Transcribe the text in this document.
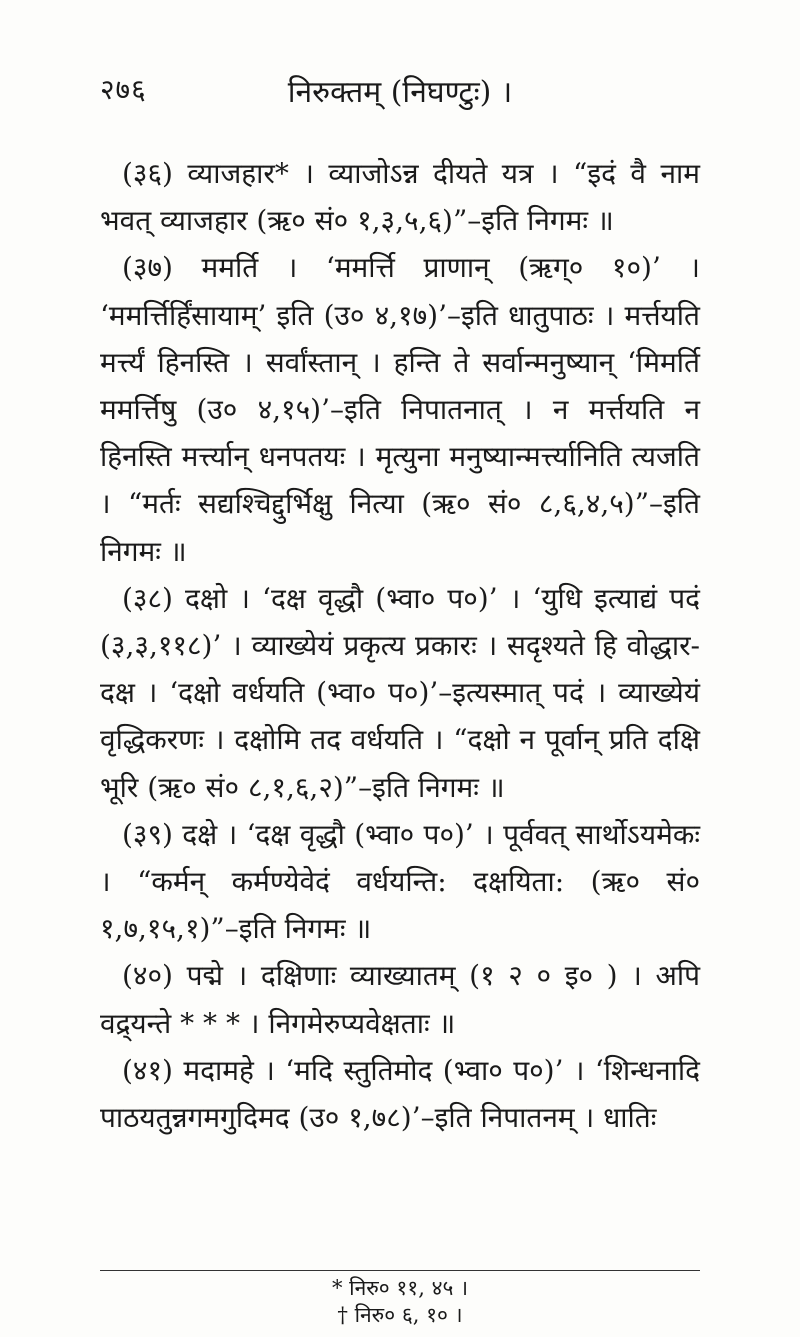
२७६	निरुक्तम् (निघण्टुः) ।

(३६) व्याजहार* । व्याजोऽन्न दीयते यत्र । “इदं वै नाम भवत् व्याजहार (ऋ० सं० १,३,५,६)”–इति निगमः ॥

(३७) ममर्ति । ‘ममर्त्ति प्राणान् (ऋग्० १०)’ । ‘ममर्त्तिर्हिंसायाम्’ इति (उ० ४,१७)’–इति धातुपाठः । मर्त्तयति मर्त्त्यं हिनस्ति । सर्वांस्तान् । हन्ति ते सर्वान्मनुष्यान् ‘मिमर्ति ममर्त्तिषु (उ० ४,१५)’–इति निपातनात् । न मर्त्तयति न हिनस्ति मर्त्त्यान् धनपतयः । मृत्युना मनुष्यान्मर्त्त्यानिति त्यजति । “मर्तः सद्यश्चिद्दुर्भिक्षु नित्या (ऋ० सं० ८,६,४,५)”–इति निगमः ॥

(३८) दक्षो । ‘दक्ष वृद्धौ (भ्वा० प०)’ । ‘युधि इत्याद्यं पदं (३,३,११८)’ । व्याख्येयं प्रकृत्य प्रकारः । सदृश्यते हि वोद्धार- दक्ष । ‘दक्षो वर्धयति (भ्वा० प०)’–इत्यस्मात् पदं । व्याख्येयं वृद्धिकरणः । दक्षोमि तद वर्धयति । “दक्षो न पूर्वान् प्रति दक्षि भूरि (ऋ० सं० ८,१,६,२)”–इति निगमः ॥

(३९) दक्षे । ‘दक्ष वृद्धौ (भ्वा० प०)’ । पूर्ववत् सार्थोऽयमेकः । “कर्मन् कर्मण्येवेदं वर्धयन्ति: दक्षयिता: (ऋ० सं० १,७,१५,१)”–इति निगमः ॥

(४०) पद्मे । दक्षिणाः व्याख्यातम् (१ २ ० इ० ) । अपि वद्र्यन्ते * * * । निगमेरुप्यवेक्षताः ॥

(४१) मदामहे । ‘मदि स्तुतिमोद (भ्वा० प०)’ । ‘शिन्धनादि पाठयतुन्नगमगुदिमद (उ० १,७८)’–इति निपातनम् । धातिः

* निरु० ११, ४५ ।
† निरु० ६, १० ।
